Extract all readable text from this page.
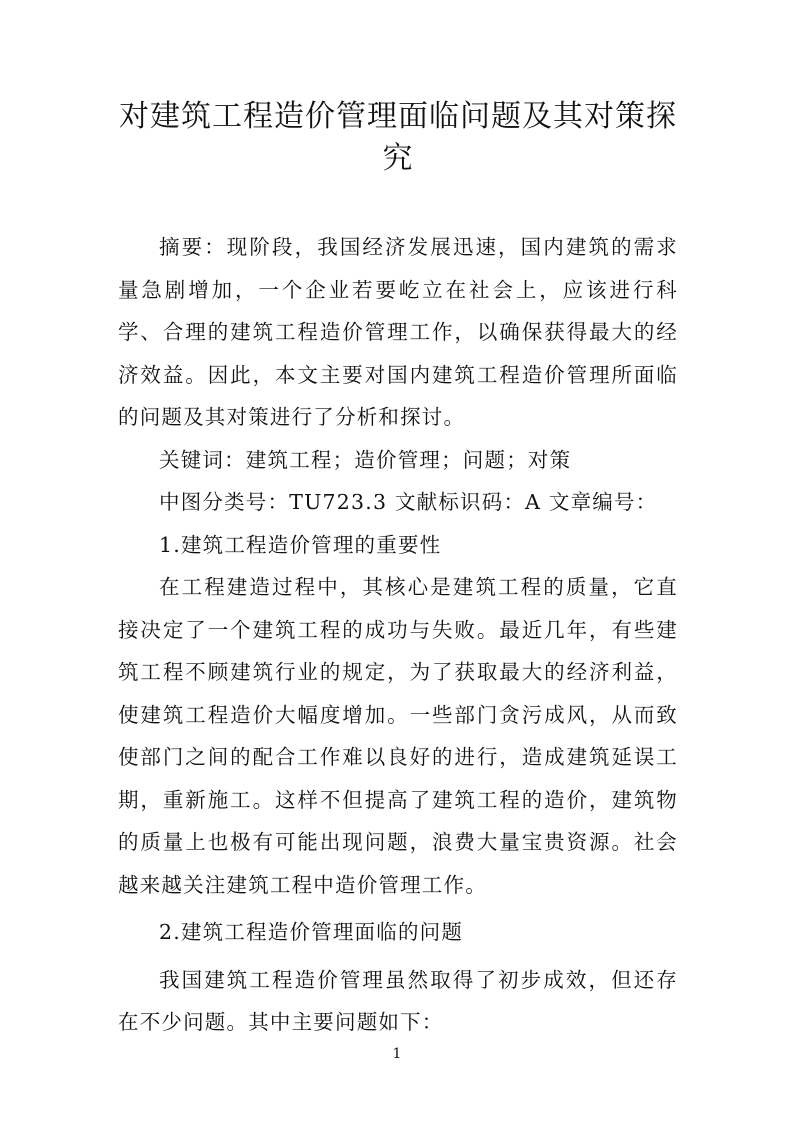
对建筑工程造价管理面临问题及其对策探究

摘要：现阶段，我国经济发展迅速，国内建筑的需求量急剧增加，一个企业若要屹立在社会上，应该进行科学、合理的建筑工程造价管理工作，以确保获得最大的经济效益。因此，本文主要对国内建筑工程造价管理所面临的问题及其对策进行了分析和探讨。

关键词：建筑工程；造价管理；问题；对策

中图分类号：TU723.3 文献标识码：A 文章编号：

1.建筑工程造价管理的重要性

在工程建造过程中，其核心是建筑工程的质量，它直接决定了一个建筑工程的成功与失败。最近几年，有些建筑工程不顾建筑行业的规定，为了获取最大的经济利益，使建筑工程造价大幅度增加。一些部门贪污成风，从而致使部门之间的配合工作难以良好的进行，造成建筑延误工期，重新施工。这样不但提高了建筑工程的造价，建筑物的质量上也极有可能出现问题，浪费大量宝贵资源。社会越来越关注建筑工程中造价管理工作。

2.建筑工程造价管理面临的问题

我国建筑工程造价管理虽然取得了初步成效，但还存在不少问题。其中主要问题如下：

1
